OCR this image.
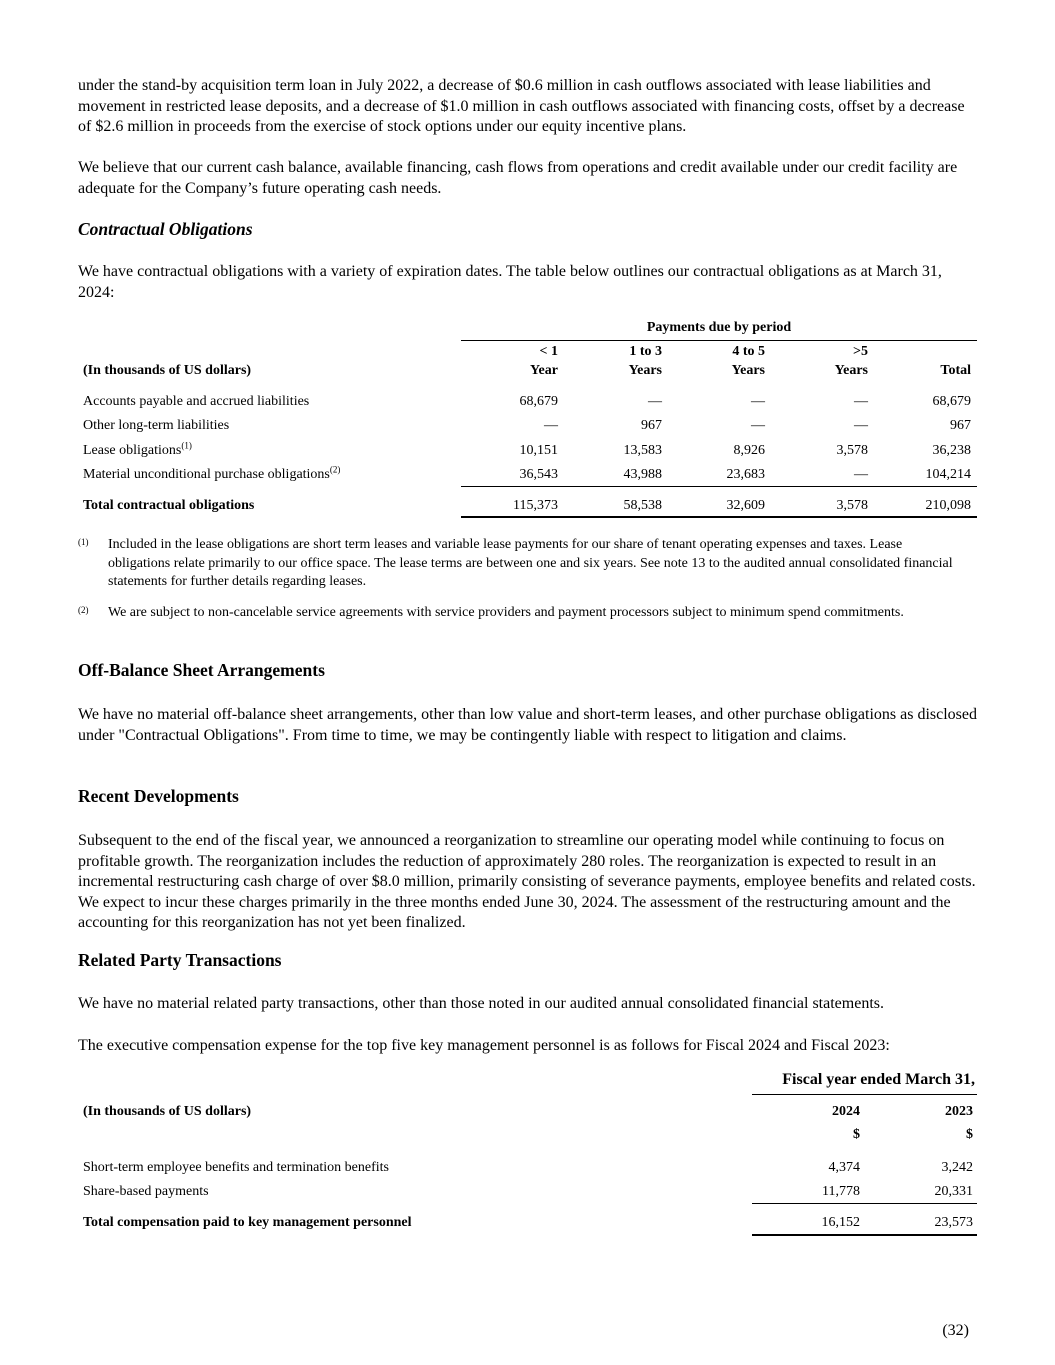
under the stand-by acquisition term loan in July 2022, a decrease of $0.6 million in cash outflows associated with lease liabilities and movement in restricted lease deposits, and a decrease of $1.0 million in cash outflows associated with financing costs, offset by a decrease of $2.6 million in proceeds from the exercise of stock options under our equity incentive plans.

We believe that our current cash balance, available financing, cash flows from operations and credit available under our credit facility are adequate for the Company’s future operating cash needs.

Contractual Obligations

We have contractual obligations with a variety of expiration dates. The table below outlines our contractual obligations as at March 31, 2024:

Payments due by period
< 1	1 to 3	4 to 5	>5
(In thousands of US dollars)	Year	Years	Years	Years	Total
Accounts payable and accrued liabilities	68,679	—	—	—	68,679
Other long-term liabilities	—	967	—	—	967
Lease obligations$^{(1)}$	10,151	13,583	8,926	3,578	36,238
Material unconditional purchase obligations$^{(2)}$	36,543	43,988	23,683	—	104,214
Total contractual obligations	115,373	58,538	32,609	3,578	210,098
(1) Included in the lease obligations are short term leases and variable lease payments for our share of tenant operating expenses and taxes. Lease obligations relate primarily to our office space. The lease terms are between one and six years. See note 13 to the audited annual consolidated financial statements for further details regarding leases.
(2) We are subject to non-cancelable service agreements with service providers and payment processors subject to minimum spend commitments.
Off-Balance Sheet Arrangements

We have no material off-balance sheet arrangements, other than low value and short-term leases, and other purchase obligations as disclosed under "Contractual Obligations". From time to time, we may be contingently liable with respect to litigation and claims.

Recent Developments

Subsequent to the end of the fiscal year, we announced a reorganization to streamline our operating model while continuing to focus on profitable growth. The reorganization includes the reduction of approximately 280 roles. The reorganization is expected to result in an incremental restructuring cash charge of over $8.0 million, primarily consisting of severance payments, employee benefits and related costs. We expect to incur these charges primarily in the three months ended June 30, 2024. The assessment of the restructuring amount and the accounting for this reorganization has not yet been finalized.

Related Party Transactions

We have no material related party transactions, other than those noted in our audited annual consolidated financial statements.

The executive compensation expense for the top five key management personnel is as follows for Fiscal 2024 and Fiscal 2023:

Fiscal year ended March 31,
(In thousands of US dollars)	2024	2023
$	$
Short-term employee benefits and termination benefits	4,374	3,242
Share-based payments	11,778	20,331
Total compensation paid to key management personnel	16,152	23,573
(32)
